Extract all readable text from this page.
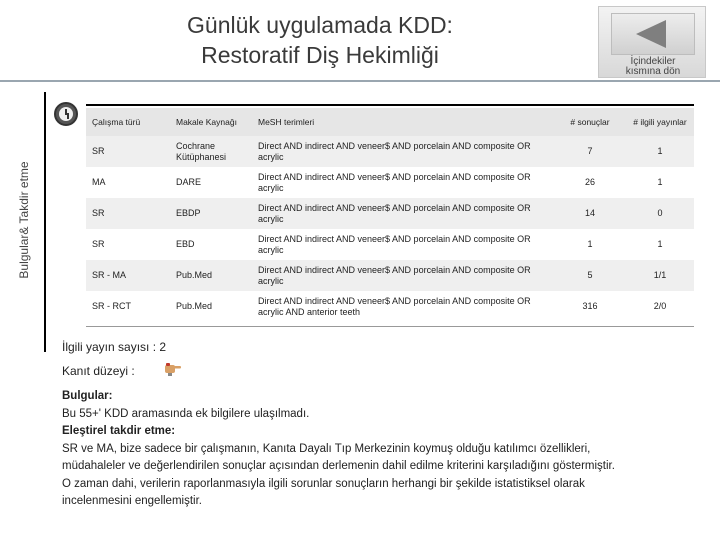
Günlük uygulamada KDD:
Restoratif Diş Hekimliği	İçindekiler
kısmına dön
Bulgular& Takdir etme
Çalışma türü	Makale Kaynağı	MeSH terimleri	# sonuçlar	# ilgili yayınlar
SR	Cochrane Kütüphanesi	Direct AND indirect AND veneer$ AND porcelain AND composite OR acrylic	7	1
MA	DARE	Direct AND indirect AND veneer$ AND porcelain AND composite OR acrylic	26	1
SR	EBDP	Direct AND indirect AND veneer$ AND porcelain AND composite OR acrylic	14	0
SR	EBD	Direct AND indirect AND veneer$ AND porcelain AND composite OR acrylic	1	1
SR - MA	Pub.Med	Direct AND indirect AND veneer$ AND porcelain AND composite OR acrylic	5	1/1
SR - RCT	Pub.Med	Direct AND indirect AND veneer$ AND porcelain AND composite OR acrylic AND anterior teeth	316	2/0
İlgili yayın sayısı : 2
Kanıt düzeyi :
Bulgular:
Bu 55+' KDD aramasında ek bilgilere ulaşılmadı.
Eleştirel takdir etme:
SR ve MA, bize sadece bir çalışmanın, Kanıta Dayalı Tıp Merkezinin koymuş olduğu katılımcı özellikleri,
müdahaleler ve değerlendirilen sonuçlar açısından derlemenin dahil edilme kriterini karşıladığını göstermiştir.
O zaman dahi, verilerin raporlanmasıyla ilgili sorunlar sonuçların herhangi bir şekilde istatistiksel olarak
incelenmesini engellemiştir.
